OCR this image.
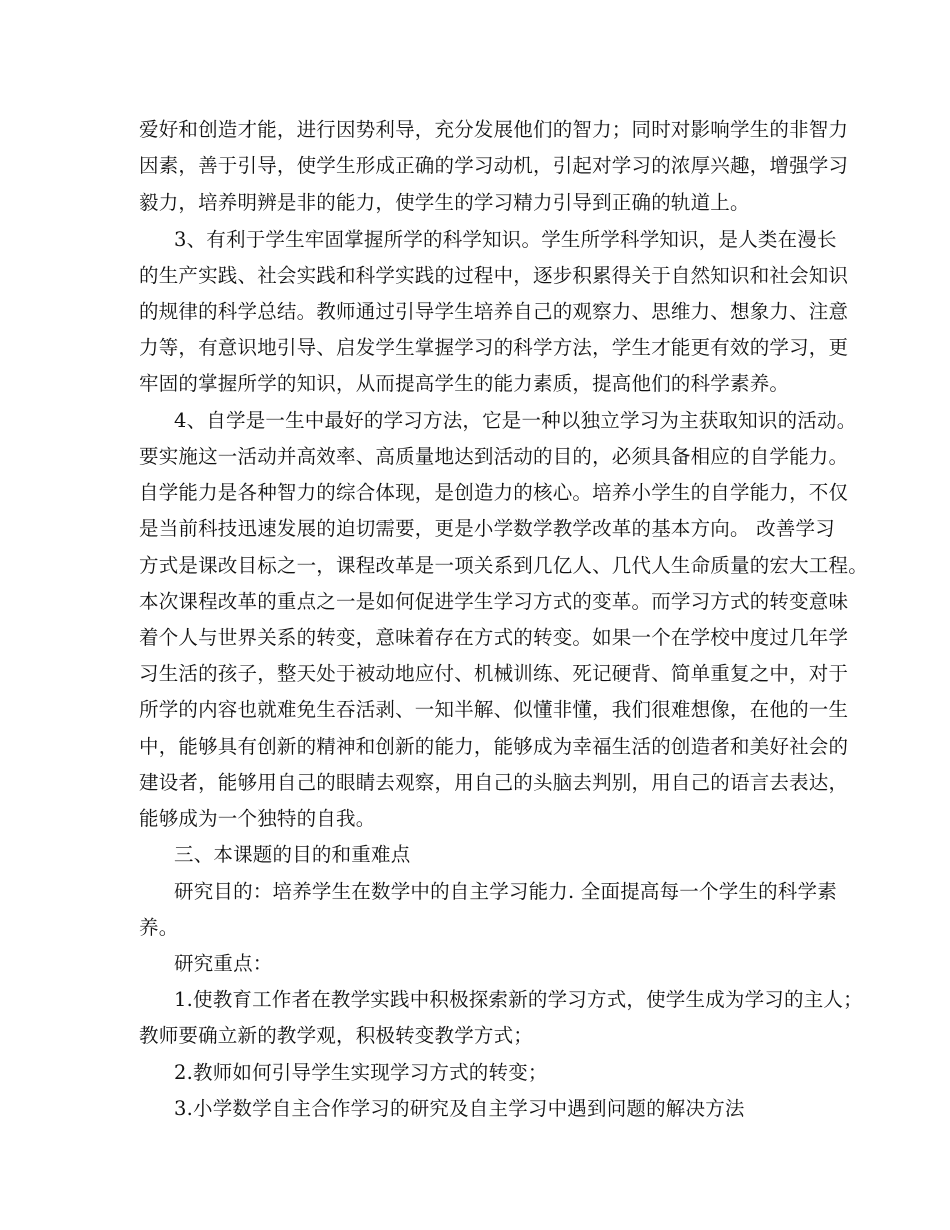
爱好和创造才能，进行因势利导，充分发展他们的智力；同时对影响学生的非智力
因素，善于引导，使学生形成正确的学习动机，引起对学习的浓厚兴趣，增强学习
毅力，培养明辨是非的能力，使学生的学习精力引导到正确的轨道上。
3、有利于学生牢固掌握所学的科学知识。学生所学科学知识，是人类在漫长
的生产实践、社会实践和科学实践的过程中，逐步积累得关于自然知识和社会知识
的规律的科学总结。教师通过引导学生培养自己的观察力、思维力、想象力、注意
力等，有意识地引导、启发学生掌握学习的科学方法，学生才能更有效的学习，更
牢固的掌握所学的知识，从而提高学生的能力素质，提高他们的科学素养。
4、自学是一生中最好的学习方法，它是一种以独立学习为主获取知识的活动。
要实施这一活动并高效率、高质量地达到活动的目的，必须具备相应的自学能力。
自学能力是各种智力的综合体现，是创造力的核心。培养小学生的自学能力，不仅
是当前科技迅速发展的迫切需要，更是小学数学教学改革的基本方向。 改善学习
方式是课改目标之一，课程改革是一项关系到几亿人、几代人生命质量的宏大工程。
本次课程改革的重点之一是如何促进学生学习方式的变革。而学习方式的转变意味
着个人与世界关系的转变，意味着存在方式的转变。如果一个在学校中度过几年学
习生活的孩子，整天处于被动地应付、机械训练、死记硬背、简单重复之中，对于
所学的内容也就难免生吞活剥、一知半解、似懂非懂，我们很难想像，在他的一生
中，能够具有创新的精神和创新的能力，能够成为幸福生活的创造者和美好社会的
建设者，能够用自己的眼睛去观察，用自己的头脑去判别，用自己的语言去表达，
能够成为一个独特的自我。
三、本课题的目的和重难点
研究目的：培养学生在数学中的自主学习能力. 全面提高每一个学生的科学素
养。
研究重点：
1.使教育工作者在教学实践中积极探索新的学习方式，使学生成为学习的主人；
教师要确立新的教学观，积极转变教学方式；
2.教师如何引导学生实现学习方式的转变；
3.小学数学自主合作学习的研究及自主学习中遇到问题的解决方法
